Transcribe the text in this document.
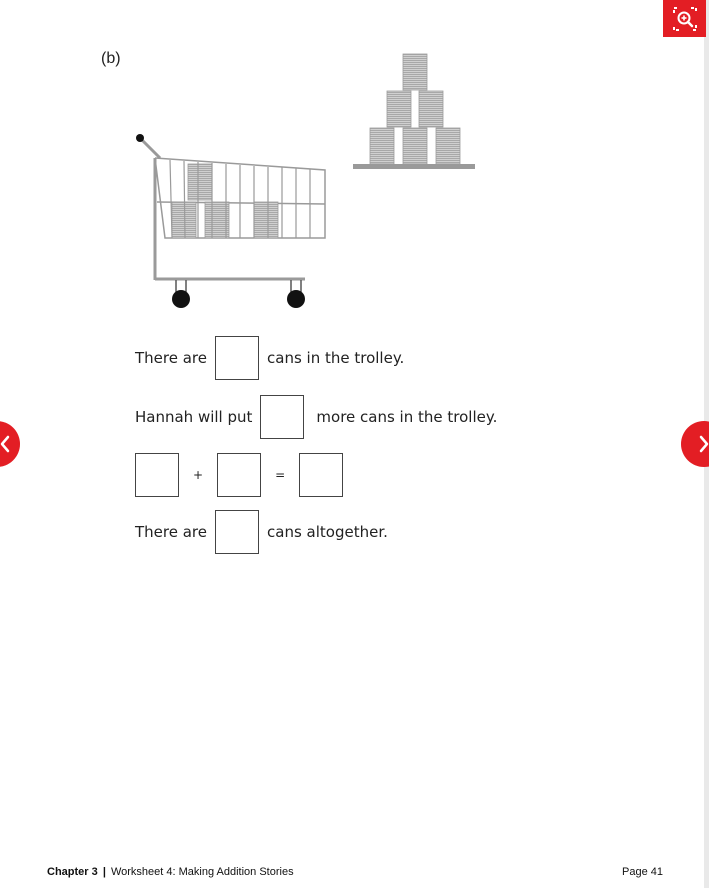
(b)
There are	cans in the trolley.
Hannah will put	more cans in the trolley.
+	=
There are	cans altogether.
Chapter 3 | Worksheet 4: Making Addition Stories	Page 41
